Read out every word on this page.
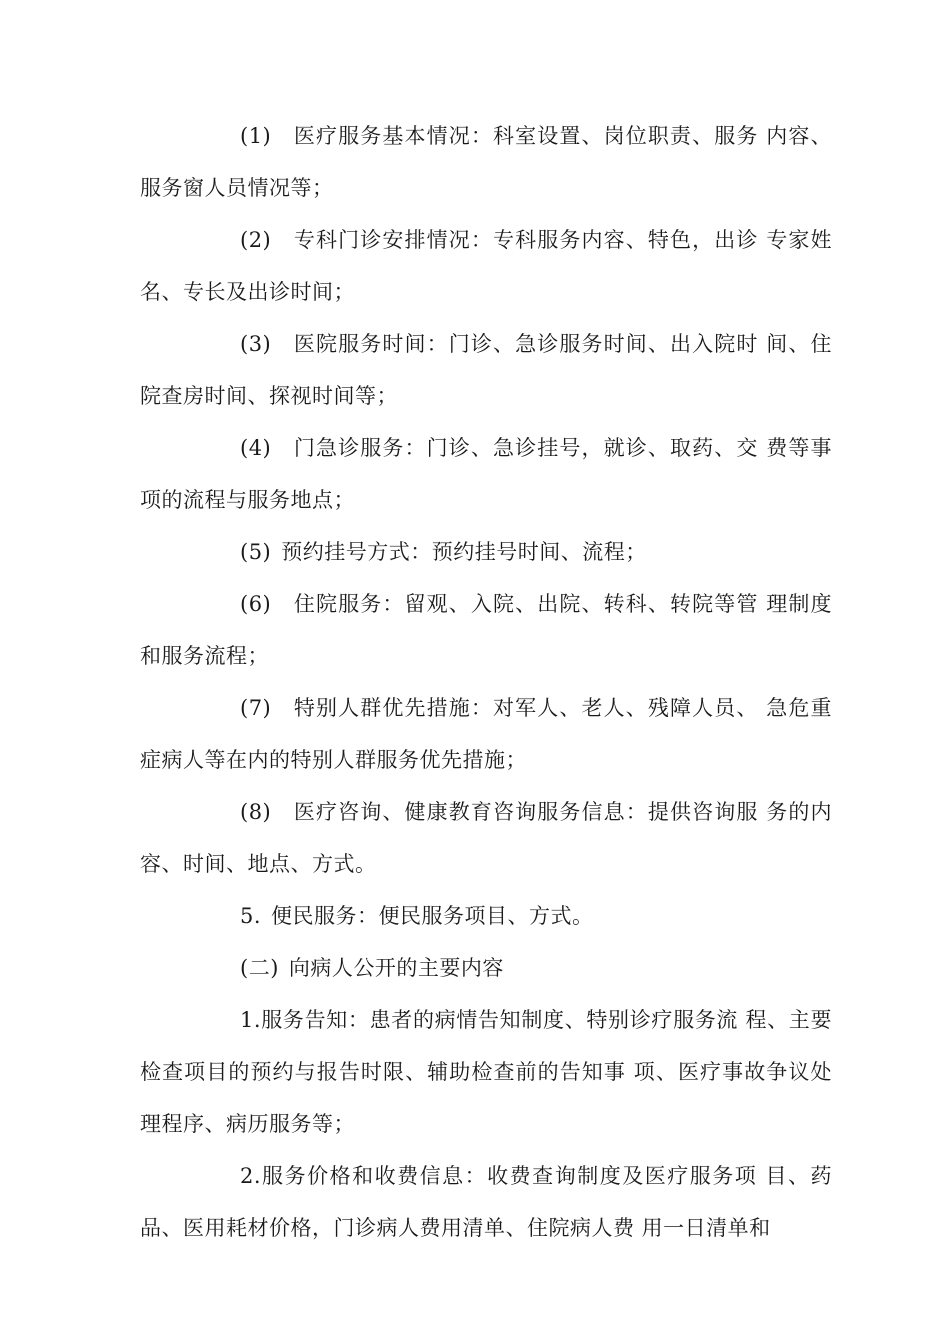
(1) 医疗服务基本情况：科室设置、岗位职责、服务 内容、服务窗人员情况等；

(2) 专科门诊安排情况：专科服务内容、特色，出诊 专家姓名、专长及出诊时间；

(3) 医院服务时间：门诊、急诊服务时间、出入院时 间、住院查房时间、探视时间等；

(4) 门急诊服务：门诊、急诊挂号，就诊、取药、交 费等事项的流程与服务地点；

(5) 预约挂号方式：预约挂号时间、流程；

(6) 住院服务：留观、入院、出院、转科、转院等管 理制度和服务流程；

(7) 特别人群优先措施：对军人、老人、残障人员、 急危重症病人等在内的特别人群服务优先措施；

(8) 医疗咨询、健康教育咨询服务信息：提供咨询服 务的内容、时间、地点、方式。

5. 便民服务：便民服务项目、方式。

(二) 向病人公开的主要内容

1.服务告知：患者的病情告知制度、特别诊疗服务流 程、主要检查项目的预约与报告时限、辅助检查前的告知事 项、医疗事故争议处理程序、病历服务等；

2.服务价格和收费信息：收费查询制度及医疗服务项 目、药品、医用耗材价格，门诊病人费用清单、住院病人费 用一日清单和
